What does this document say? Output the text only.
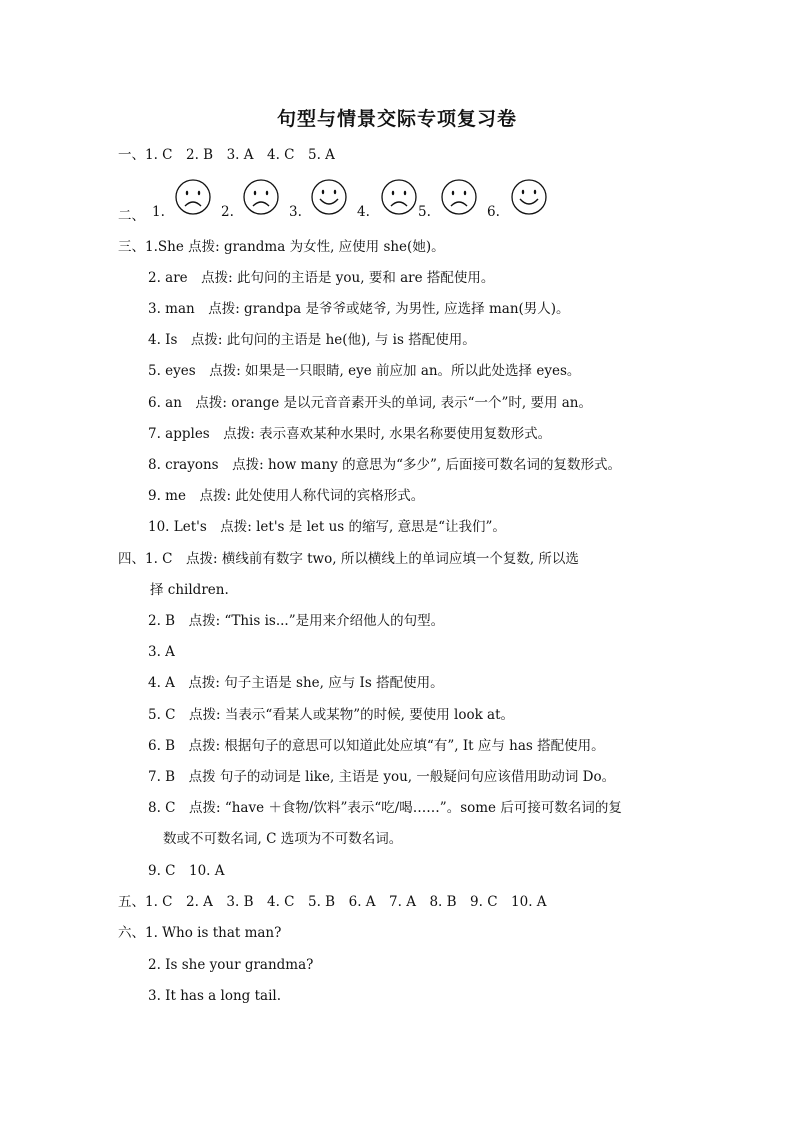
句型与情景交际专项复习卷
一、1. C　2. B　3. A　4. C　5. A
二、 1.	2.	3.	4.	5.	6.
三、1.She 点拨: grandma 为女性, 应使用 she(她)。
2. are　点拨: 此句问的主语是 you, 要和 are 搭配使用。
3. man　点拨: grandpa 是爷爷或姥爷, 为男性, 应选择 man(男人)。
4. Is　点拨: 此句问的主语是 he(他), 与 is 搭配使用。
5. eyes　点拨: 如果是一只眼睛, eye 前应加 an。所以此处选择 eyes。
6. an　点拨: orange 是以元音音素开头的单词, 表示“一个”时, 要用 an。
7. apples　点拨: 表示喜欢某种水果时, 水果名称要使用复数形式。
8. crayons　点拨: how many 的意思为“多少”, 后面接可数名词的复数形式。
9. me　点拨: 此处使用人称代词的宾格形式。
10. Let's　点拨: let's 是 let us 的缩写, 意思是“让我们”。
四、1. C　点拨: 横线前有数字 two, 所以横线上的单词应填一个复数, 所以选
择 children.
2. B　点拨: “This is...”是用来介绍他人的句型。
3. A
4. A　点拨: 句子主语是 she, 应与 Is 搭配使用。
5. C　点拨: 当表示“看某人或某物”的时候, 要使用 look at。
6. B　点拨: 根据句子的意思可以知道此处应填“有”, It 应与 has 搭配使用。
7. B　点拨 句子的动词是 like, 主语是 you, 一般疑问句应该借用助动词 Do。
8. C　点拨: “have ＋食物/饮料”表示“吃/喝……”。some 后可接可数名词的复
数或不可数名词, C 选项为不可数名词。
9. C　10. A
五、1. C　2. A　3. B　4. C　5. B　6. A　7. A　8. B　9. C　10. A
六、1. Who is that man?
2. Is she your grandma?
3. It has a long tail.
